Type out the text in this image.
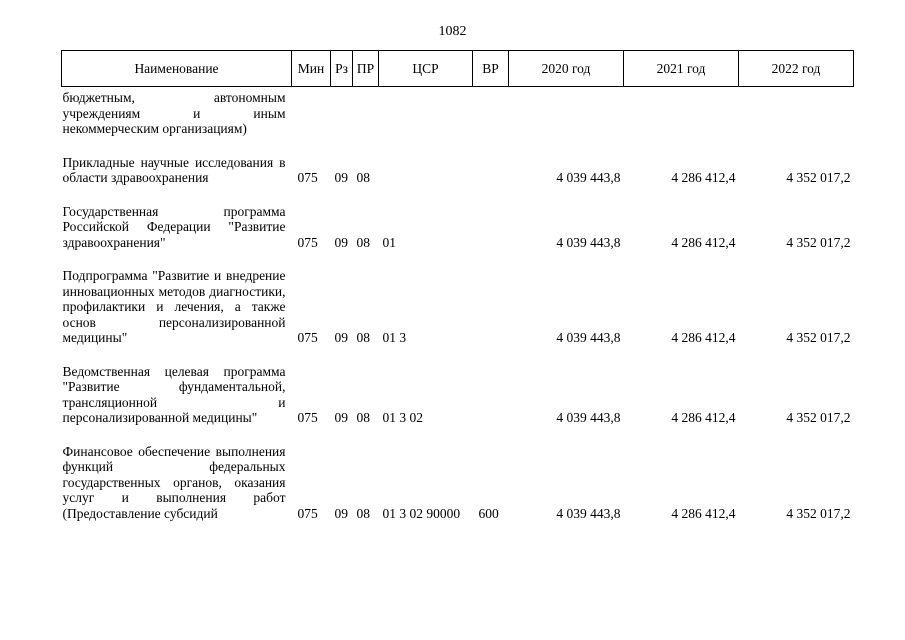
1082
Наименование	Мин	Рз	ПР	ЦСР	ВР	2020 год	2021 год	2022 год
бюджетным, автономным учреждениям и иным некоммерческим организациям)								
Прикладные научные исследования в области здравоохранения	075	09	08			4 039 443,8	4 286 412,4	4 352 017,2
Государственная программа Российской Федерации "Развитие здравоохранения"	075	09	08	01		4 039 443,8	4 286 412,4	4 352 017,2
Подпрограмма "Развитие и внедрение инновационных методов диагностики, профилактики и лечения, а также основ персонализированной медицины"	075	09	08	01 3		4 039 443,8	4 286 412,4	4 352 017,2
Ведомственная целевая программа "Развитие фундаментальной, трансляционной и персонализированной медицины"	075	09	08	01 3 02		4 039 443,8	4 286 412,4	4 352 017,2
Финансовое обеспечение выполнения функций федеральных государственных органов, оказания услуг и выполнения работ (Предоставление субсидий	075	09	08	01 3 02 90000	600	4 039 443,8	4 286 412,4	4 352 017,2
